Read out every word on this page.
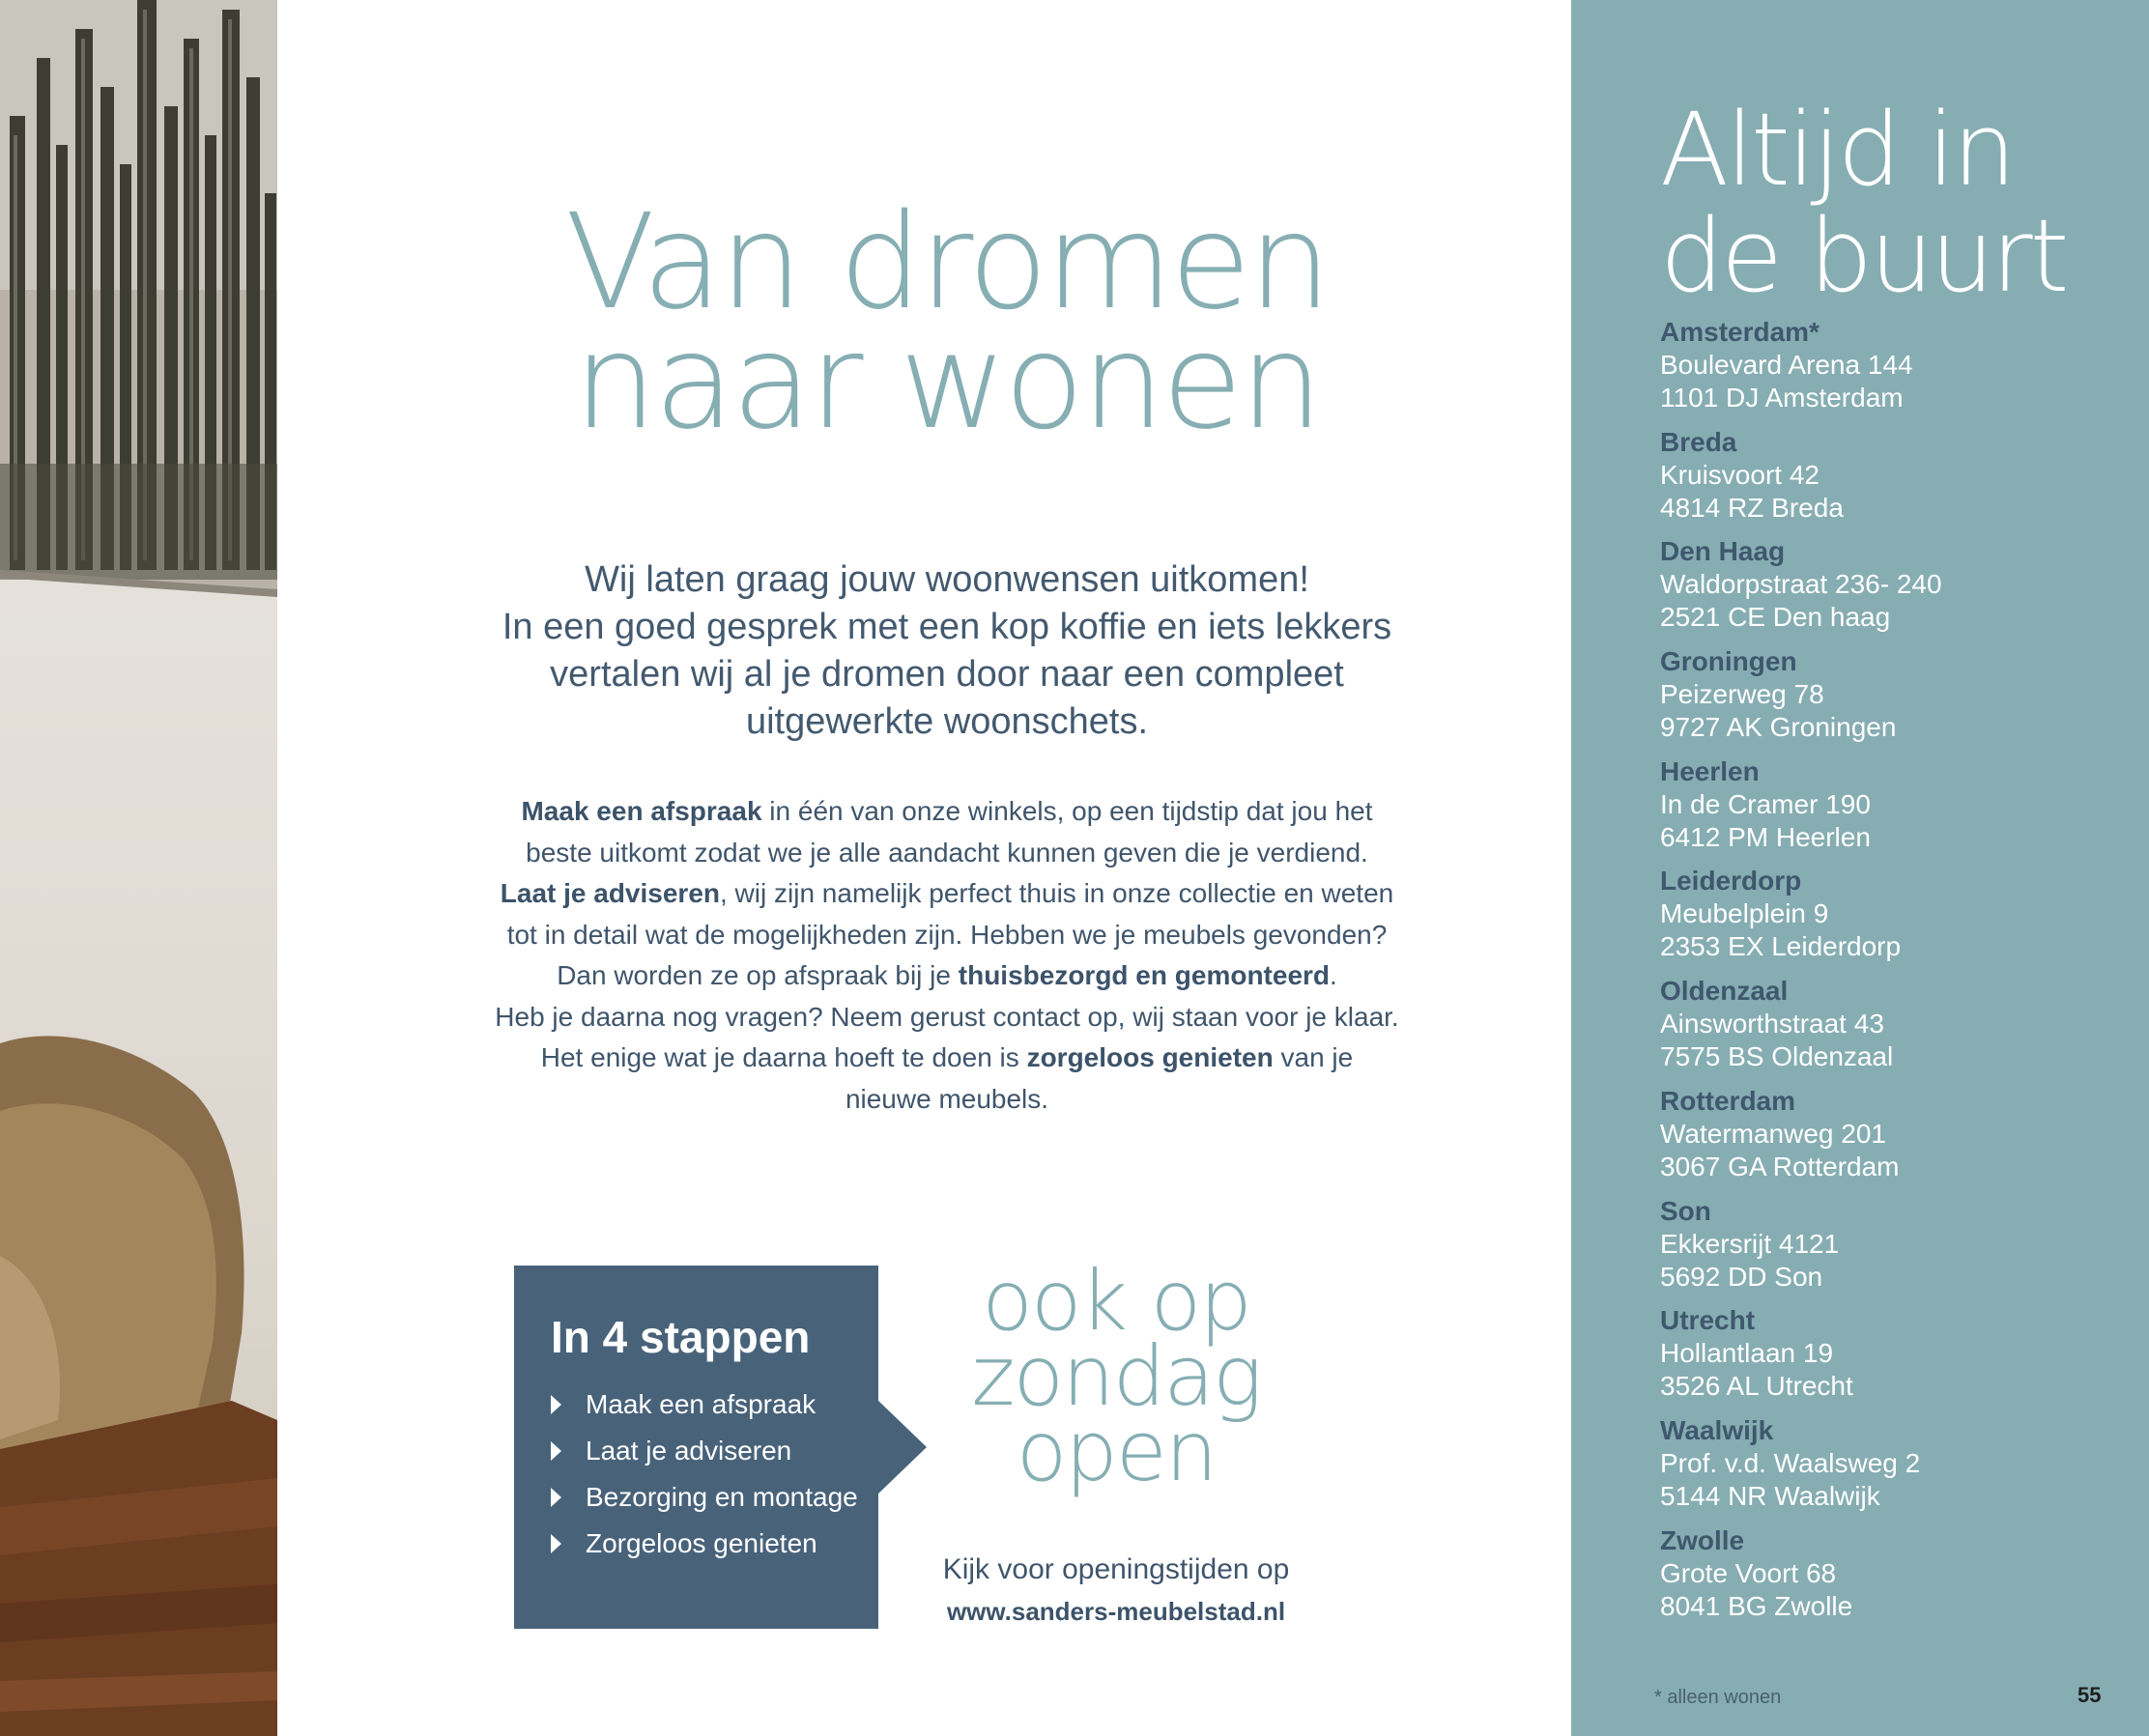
Van dromen
naar wonen

Wij laten graag jouw woonwensen uitkomen!
In een goed gesprek met een kop koffie en iets lekkers
vertalen wij al je dromen door naar een compleet
uitgewerkte woonschets.

Maak een afspraak in één van onze winkels, op een tijdstip dat jou het
beste uitkomt zodat we je alle aandacht kunnen geven die je verdiend.
Laat je adviseren, wij zijn namelijk perfect thuis in onze collectie en weten
tot in detail wat de mogelijkheden zijn. Hebben we je meubels gevonden?
Dan worden ze op afspraak bij je thuisbezorgd en gemonteerd.
Heb je daarna nog vragen? Neem gerust contact op, wij staan voor je klaar.
Het enige wat je daarna hoeft te doen is zorgeloos genieten van je
nieuwe meubels.

In 4 stappen
Maak een afspraak
Laat je adviseren
Bezorging en montage
Zorgeloos genieten

ook op
zondag
open

Kijk voor openingstijden op
www.sanders-meubelstad.nl
Altijd in
de buurt
Amsterdam*
Boulevard Arena 144
1101 DJ Amsterdam
Breda
Kruisvoort 42
4814 RZ Breda
Den Haag
Waldorpstraat 236- 240
2521 CE Den haag
Groningen
Peizerweg 78
9727 AK Groningen
Heerlen
In de Cramer 190
6412 PM Heerlen
Leiderdorp
Meubelplein 9
2353 EX Leiderdorp
Oldenzaal
Ainsworthstraat 43
7575 BS Oldenzaal
Rotterdam
Watermanweg 201
3067 GA Rotterdam
Son
Ekkersrijt 4121
5692 DD Son
Utrecht
Hollantlaan 19
3526 AL Utrecht
Waalwijk
Prof. v.d. Waalsweg 2
5144 NR Waalwijk
Zwolle
Grote Voort 68
8041 BG Zwolle
* alleen wonen	55
